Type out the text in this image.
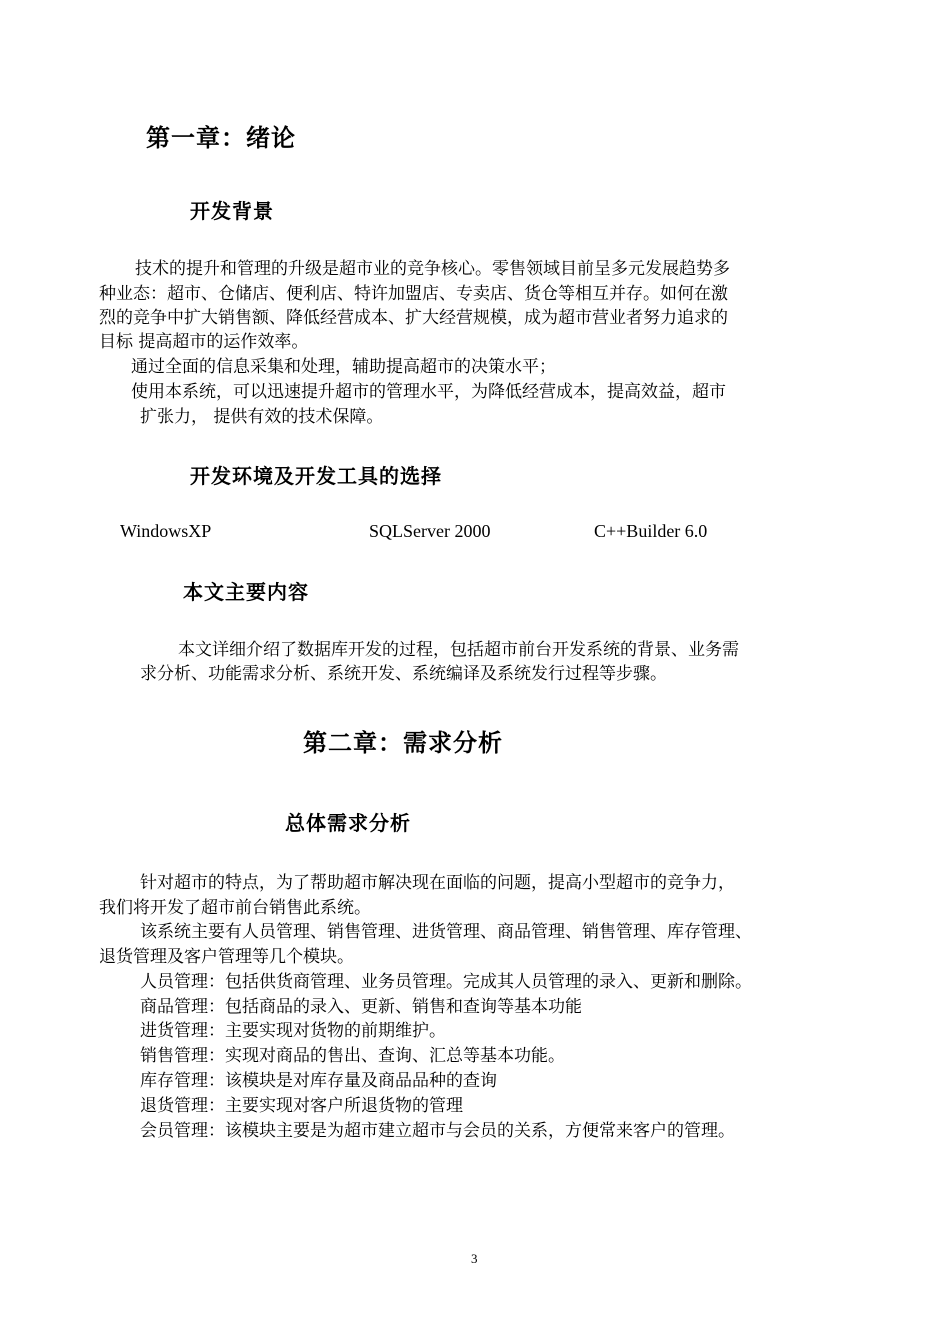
第一章：绪论
开发背景
技术的提升和管理的升级是超市业的竞争核心。零售领域目前呈多元发展趋势多
种业态：超市、仓储店、便利店、特许加盟店、专卖店、货仓等相互并存。如何在激
烈的竞争中扩大销售额、降低经营成本、扩大经营规模，成为超市营业者努力追求的
目标 提高超市的运作效率。
通过全面的信息采集和处理，辅助提高超市的决策水平；
使用本系统，可以迅速提升超市的管理水平，为降低经营成本，提高效益，超市
扩张力， 提供有效的技术保障。
开发环境及开发工具的选择
WindowsXP	SQLServer 2000	C++Builder 6.0
本文主要内容
本文详细介绍了数据库开发的过程，包括超市前台开发系统的背景、业务需
求分析、功能需求分析、系统开发、系统编译及系统发行过程等步骤。
第二章：需求分析
总体需求分析
针对超市的特点，为了帮助超市解决现在面临的问题，提高小型超市的竞争力，
我们将开发了超市前台销售此系统。
该系统主要有人员管理、销售管理、进货管理、商品管理、销售管理、库存管理、
退货管理及客户管理等几个模块。
人员管理：包括供货商管理、业务员管理。完成其人员管理的录入、更新和删除。
商品管理：包括商品的录入、更新、销售和查询等基本功能
进货管理：主要实现对货物的前期维护。
销售管理：实现对商品的售出、查询、汇总等基本功能。
库存管理：该模块是对库存量及商品品种的查询
退货管理：主要实现对客户所退货物的管理
会员管理：该模块主要是为超市建立超市与会员的关系，方便常来客户的管理。
3
